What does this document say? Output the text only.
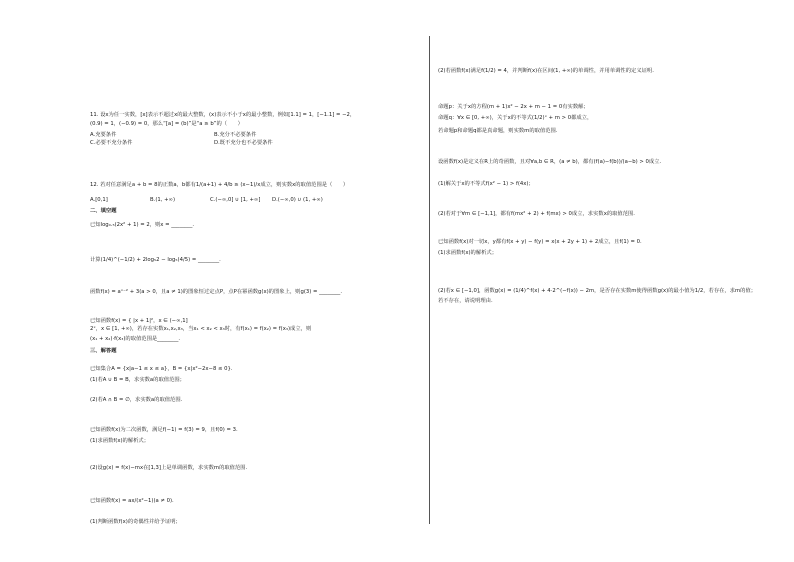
11. 设x为任一实数，[x]表示不超过x的最大整数，(x)表示不小于x的最小整数，例如[1.1] = 1，[−1.1] = −2，
(0.9) = 1，(−0.9) = 0，那么“[a] = (b)”是“a ≥ b”的（　　）
A.充要条件	B.充分不必要条件
C.必要不充分条件	D.既不充分也不必要条件
12. 若对任意满足a + b = 8的正数a，b都有1/(a+1) + 4/b ≥ (x−1)/x成立，则实数x的取值范围是（　　）
A.[0,1]	B.(1, +∞)	C.(−∞,0] ∪ [1, +∞] D.(−∞,0) ∪ (1, +∞)
二、填空题
已知log₀.₅(2x² + 1) = 2，则x = ________.
计算(1/4)^(−1/2) + 2log₅2 − log₅(4/5) = ________.
函数f(x) = aˣ⁻² + 3(a > 0，且a ≠ 1)的图象恒过定点P，点P在幂函数g(x)的图象上，则g(3) = ________.
已知函数f(x) = { |x + 1|²，x ∈ (−∞,1]
2ˣ，x ∈ [1, +∞)，若存在实数x₁,x₂,x₃，当x₁ < x₂ < x₃时，有f(x₁) = f(x₂) = f(x₃)成立，则
(x₁ + x₂)·f(x₃)的取值范围是________.
三、解答题
已知集合A = {x|a−1 ≤ x ≤ a}，B = {x|x²−2x−8 ≤ 0}.
(1)若A ∪ B = B，求实数a的取值范围；
(2)若A ∩ B = ∅，求实数a的取值范围.
已知函数f(x)为二次函数，满足f(−1) = f(3) = 9，且f(0) = 3.
(1)求函数f(x)的解析式；
(2)设g(x) = f(x)−mx在[1,3]上是单调函数，求实数m的取值范围.
已知函数f(x) = ax/(x²−1)(a ≠ 0).
(1)判断函数f(x)的奇偶性并给予证明；
(2)若函数f(x)满足f(1/2) = 4，并判断f(x)在区间(1, +∞)的单调性，并用单调性的定义证明.
命题p：关于x的方程(m + 1)x² − 2x + m − 1 = 0有实数解；
命题q：∀x ∈ [0, +∞)，关于x的不等式(1/2)ˣ + m > 0都成立，
若命题p和命题q都是真命题，则实数m的取值范围.
设函数f(x)是定义在R上的奇函数，且对∀a,b ∈ R，(a ≠ b)，都有(f(a)−f(b))/(a−b) > 0成立.
(1)解关于x的不等式f(x² − 1) > f(4x)；
(2)若对于∀m ∈ [−1,1]，都有f(mx² + 2) + f(mx) > 0成立，求实数x的取值范围.
已知函数f(x)对一切x，y都有f(x + y) − f(y) = x(x + 2y + 1) + 2成立，且f(1) = 0.
(1)求函数f(x)的解析式；
(2)若x ∈ [−1,0]，函数g(x) = (1/4)^f(x) + 4·2^(−f(x)) − 2m，是否存在实数m使得函数g(x)的最小值为1/2，若存在，求m的值；
若不存在，请说明理由.
